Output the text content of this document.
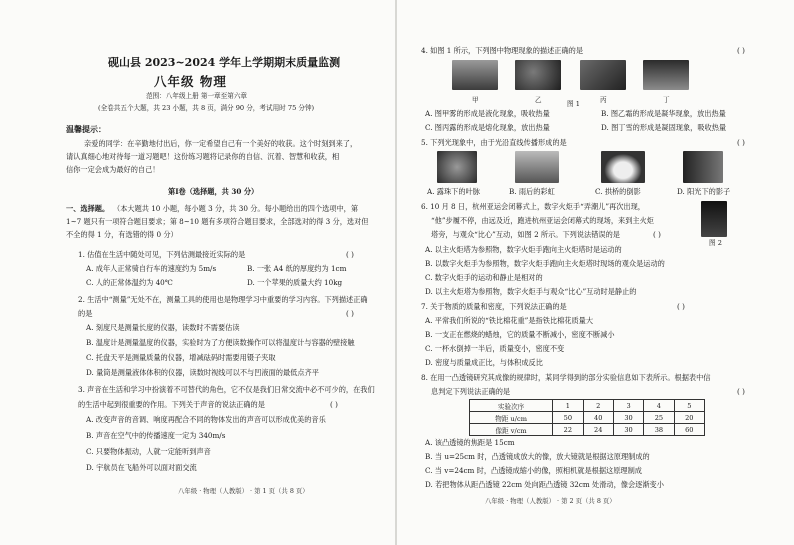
砚山县 2023~2024 学年上学期期末质量监测
八年级 物理
范围：八年级上册 第一章至第六章
(全卷共五个大题，共 23 小题，共 8 页，满分 90 分，考试用时 75 分钟)
温馨提示：
亲爱的同学：在辛勤地付出后，你一定希望自己有一个美好的收获。这个时刻到来了，
请认真细心地对待每一道习题吧！这份练习题将记录你的自信、沉着、智慧和收获，相
信你一定会成为最好的自己！
第Ⅰ卷（选择题，共 30 分）
一、选择题。 （本大题共 10 小题，每小题 3 分，共 30 分。每小题给出的四个选项中，第
1~7 题只有一项符合题目要求；第 8~10 题有多项符合题目要求，全部选对的得 3 分，选对但
不全的得 1 分，有选错的得 0 分）
1. 估值在生活中随处可见，下列估测最接近实际的是	( )
A. 成年人正常骑自行车的速度约为 5m/s	B. 一张 A4 纸的厚度约为 1cm
C. 人的正常体温约为 40℃	D. 一个苹果的质量大约 10kg
2. 生活中“测量”无处不在，测量工具的使用也是物理学习中重要的学习内容。下列描述正确
的是	( )
A. 刻度尺是测量长度的仪器，读数时不需要估读
B. 温度计是测量温度的仪器，实验时为了方便读数操作可以将温度计与容器的壁接触
C. 托盘天平是测量质量的仪器，增减砝码时需要用镊子夹取
D. 量筒是测量液体体积的仪器，读数时视线可以不与凹液面的最低点齐平
3. 声音在生活和学习中扮演着不可替代的角色，它不仅是我们日常交流中必不可少的，在我们
的生活中起到很重要的作用。下列关于声音的说法正确的是	( )
A. 改变声音的音调、响度再配合不同的物体发出的声音可以形成优美的音乐
B. 声音在空气中的传播速度一定为 340m/s
C. 只要物体振动，人就一定能听到声音
D. 宇航员在飞船外可以面对面交流
八年级 · 物理（人教版） · 第 1 页（共 8 页）
4. 如图 1 所示，下列图中物理现象的描述正确的是	( )
甲	乙	丙	丁
图 1
A. 图甲雾的形成是液化现象，吸收热量	B. 图乙霜的形成是凝华现象，放出热量
C. 图丙露的形成是熔化现象，放出热量	D. 图丁雪的形成是凝固现象，吸收热量
5. 下列光现象中，由于光沿直线传播形成的是	( )
A. 露珠下的叶脉	B. 雨后的彩虹	C. 拱桥的倒影	D. 阳光下的影子
6. 10 月 8 日，杭州亚运会闭幕式上，数字火炬手“弄潮儿”再次出现，
“他”步履不停，由远及近，跑进杭州亚运会闭幕式的现场，来到主火炬
塔旁，与观众“比心”互动，如图 2 所示。下列说法错误的是	( )
图 2
A. 以主火炬塔为参照物，数字火炬手跑向主火炬塔时是运动的
B. 以数字火炬手为参照物，数字火炬手跑向主火炬塔时现场的观众是运动的
C. 数字火炬手的运动和静止是相对的
D. 以主火炬塔为参照物，数字火炬手与观众“比心”互动时是静止的
7. 关于物质的质量和密度，下列说法正确的是	( )
A. 平常我们所说的“铁比棉花重”是指铁比棉花质量大
B. 一支正在燃烧的蜡烛，它的质量不断减小，密度不断减小
C. 一杯水倒掉一半后，质量变小，密度不变
D. 密度与质量成正比，与体积成反比
8. 在用一凸透镜研究其成像的规律时，某同学得到的部分实验信息如下表所示。根据表中信
息判定下列说法正确的是	( )
实验次序	1	2	3	4	5
物距 u/cm	50	40	30	25	20
像距 v/cm	22	24	30	38	60
A. 该凸透镜的焦距是 15cm
B. 当 u=25cm 时，凸透镜成放大的像，放大镜就是根据这原理制成的
C. 当 v=24cm 时，凸透镜成缩小的像，照相机就是根据这原理制成
D. 若把物体从距凸透镜 22cm 处向距凸透镜 32cm 处滑动，像会逐渐变小
八年级 · 物理（人教版） · 第 2 页（共 8 页）
